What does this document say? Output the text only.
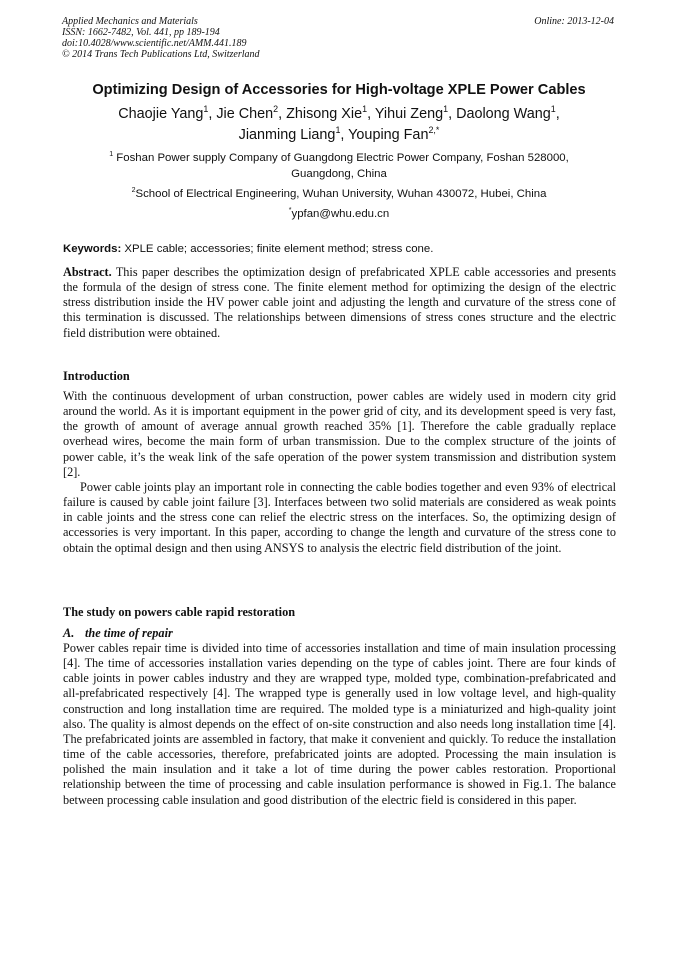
Applied Mechanics and Materials
ISSN: 1662-7482, Vol. 441, pp 189-194
doi:10.4028/www.scientific.net/AMM.441.189
© 2014 Trans Tech Publications Ltd, Switzerland
Online: 2013-12-04
Optimizing Design of Accessories for High-voltage XPLE Power Cables
Chaojie Yang$^1$, Jie Chen$^2$, Zhisong Xie$^1$, Yihui Zeng$^1$, Daolong Wang$^1$,
Jianming Liang$^1$, Youping Fan$^{2,*}$
$^1$ Foshan Power supply Company of Guangdong Electric Power Company, Foshan 528000,
Guangdong, China
$^2$School of Electrical Engineering, Wuhan University, Wuhan 430072, Hubei, China
*ypfan@whu.edu.cn
Keywords: XPLE cable; accessories; finite element method; stress cone.

Abstract. This paper describes the optimization design of prefabricated XPLE cable accessories and presents the formula of the design of stress cone. The finite element method for optimizing the design of the electric stress distribution inside the HV power cable joint and adjusting the length and curvature of the stress cone of this termination is discussed. The relationships between dimensions of stress cones structure and the electric field distribution were obtained.

Introduction

With the continuous development of urban construction, power cables are widely used in modern city grid around the world. As it is important equipment in the power grid of city, and its development speed is very fast, the growth of amount of average annual growth reached 35% [1]. Therefore the cable gradually replace overhead wires, become the main form of urban transmission. Due to the complex structure of the joints of power cable, it’s the weak link of the safe operation of the power system transmission and distribution system [2].

Power cable joints play an important role in connecting the cable bodies together and even 93% of electrical failure is caused by cable joint failure [3]. Interfaces between two solid materials are considered as weak points in cable joints and the stress cone can relief the electric stress on the interfaces. So, the optimizing design of accessories is very important. In this paper, according to change the length and curvature of the stress cone to obtain the optimal design and then using ANSYS to analysis the electric field distribution of the joint.

The study on powers cable rapid restoration
A. the time of repair

Power cables repair time is divided into time of accessories installation and time of main insulation processing [4]. The time of accessories installation varies depending on the type of cables joint. There are four kinds of cable joints in power cables industry and they are wrapped type, molded type, combination-prefabricated and all-prefabricated respectively [4]. The wrapped type is generally used in low voltage level, and high-quality construction and long installation time are required. The molded type is a miniaturized and high-quality joint also. The quality is almost depends on the effect of on-site construction and also needs long installation time [4]. The prefabricated joints are assembled in factory, that make it convenient and quickly. To reduce the installation time of the cable accessories, therefore, prefabricated joints are adopted. Processing the main insulation is polished the main insulation and it take a lot of time during the power cables restoration. Proportional relationship between the time of processing and cable insulation performance is showed in Fig.1. The balance between processing cable insulation and good distribution of the electric field is considered in this paper.
